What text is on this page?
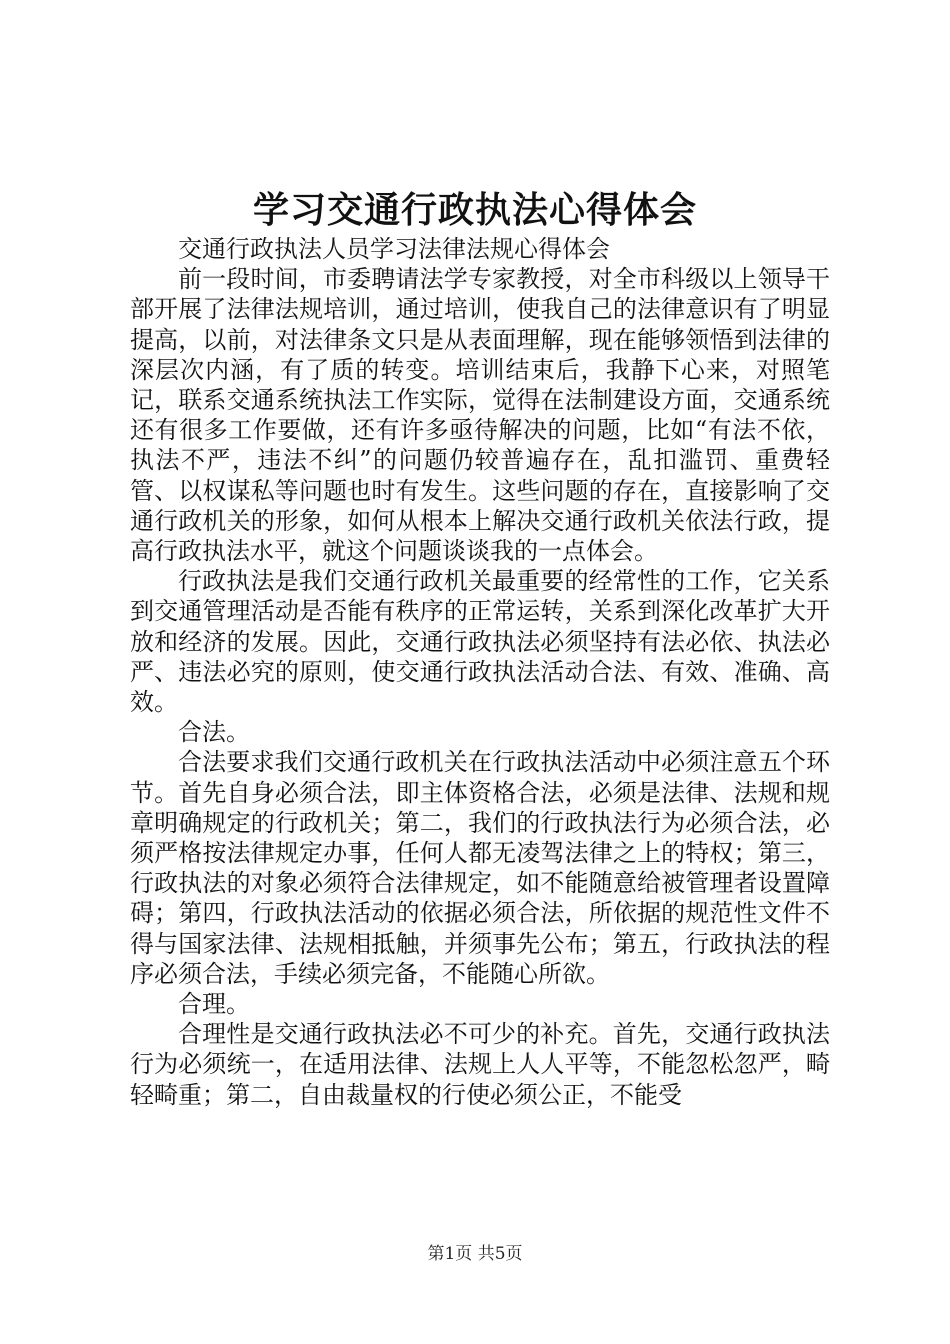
学习交通行政执法心得体会

交通行政执法人员学习法律法规心得体会

前一段时间，市委聘请法学专家教授，对全市科级以上领导干部开展了法律法规培训，通过培训，使我自己的法律意识有了明显提高，以前，对法律条文只是从表面理解，现在能够领悟到法律的深层次内涵，有了质的转变。培训结束后，我静下心来，对照笔记，联系交通系统执法工作实际，觉得在法制建设方面，交通系统还有很多工作要做，还有许多亟待解决的问题，比如“有法不依，执法不严，违法不纠”的问题仍较普遍存在，乱扣滥罚、重费轻管、以权谋私等问题也时有发生。这些问题的存在，直接影响了交通行政机关的形象，如何从根本上解决交通行政机关依法行政，提高行政执法水平，就这个问题谈谈我的一点体会。

行政执法是我们交通行政机关最重要的经常性的工作，它关系到交通管理活动是否能有秩序的正常运转，关系到深化改革扩大开放和经济的发展。因此，交通行政执法必须坚持有法必依、执法必严、违法必究的原则，使交通行政执法活动合法、有效、准确、高效。

合法。

合法要求我们交通行政机关在行政执法活动中必须注意五个环节。首先自身必须合法，即主体资格合法，必须是法律、法规和规章明确规定的行政机关；第二，我们的行政执法行为必须合法，必须严格按法律规定办事，任何人都无凌驾法律之上的特权；第三，行政执法的对象必须符合法律规定，如不能随意给被管理者设置障碍；第四，行政执法活动的依据必须合法，所依据的规范性文件不得与国家法律、法规相抵触，并须事先公布；第五，行政执法的程序必须合法，手续必须完备，不能随心所欲。

合理。

合理性是交通行政执法必不可少的补充。首先，交通行政执法行为必须统一，在适用法律、法规上人人平等，不能忽松忽严，畸轻畸重；第二，自由裁量权的行使必须公正，不能受

第1页 共5页
